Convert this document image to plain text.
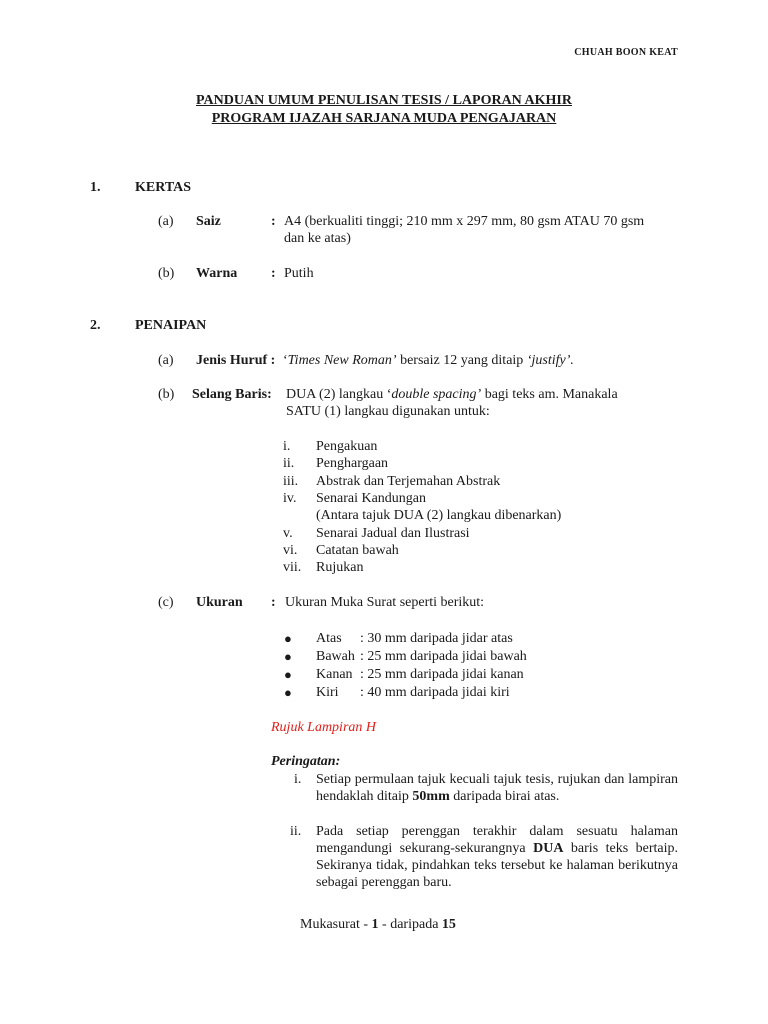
CHUAH BOON KEAT
PANDUAN UMUM PENULISAN TESIS / LAPORAN AKHIR
PROGRAM IJAZAH SARJANA MUDA PENGAJARAN
1. KERTAS
(a) Saiz	: A4 (berkualiti tinggi; 210 mm x 297 mm, 80 gsm ATAU 70 gsm
dan ke atas)
(b) Warna : Putih
2. PENAIPAN
(a) Jenis Huruf : ‘Times New Roman’ bersaiz 12 yang ditaip ‘justify’.
(b) Selang Baris: DUA (2) langkau ‘double spacing’ bagi teks am. Manakala
SATU (1) langkau digunakan untuk:
i. Pengakuan
ii. Penghargaan
iii. Abstrak dan Terjemahan Abstrak
iv. Senarai Kandungan
(Antara tajuk DUA (2) langkau dibenarkan)
v. Senarai Jadual dan Ilustrasi
vi. Catatan bawah
vii. Rujukan
(c) Ukuran : Ukuran Muka Surat seperti berikut:
● Atas : 30 mm daripada jidar atas
● Bawah : 25 mm daripada jidai bawah
● Kanan : 25 mm daripada jidai kanan
● Kiri : 40 mm daripada jidai kiri
Rujuk Lampiran H
Peringatan:
i. Setiap permulaan tajuk kecuali tajuk tesis, rujukan dan lampiran hendaklah ditaip 50mm daripada birai atas.
ii. Pada setiap perenggan terakhir dalam sesuatu halaman mengandungi sekurang-sekurangnya DUA baris teks bertaip. Sekiranya tidak, pindahkan teks tersebut ke halaman berikutnya sebagai perenggan baru.
Mukasurat - 1 - daripada 15
